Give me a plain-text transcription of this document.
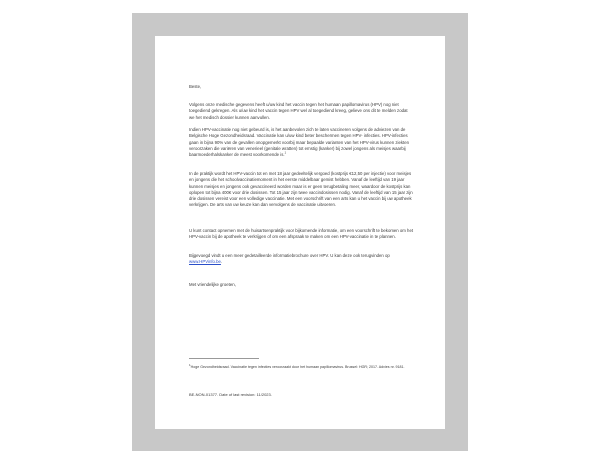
Beste,

Volgens onze medische gegevens heeft u/uw kind het vaccin tegen het humaan papillomavirus (HPV) nog niet toegediend gekregen. Als u/uw kind het vaccin tegen HPV wel al toegediend kreeg, gelieve ons dit te melden zodat we het medisch dossier kunnen aanvullen.

Indien HPV-vaccinatie nog niet gebeurd is, is het aanbevolen zich te laten vaccineren volgens de adviezen van de Belgische Hoge Gezondheidsraad. Vaccinatie kan u/uw kind beter beschermen tegen HPV- infecties. HPV-infecties gaan in bijna 90% van de gevallen onopgemerkt voorbij maar bepaalde varianten van het HPV-virus kunnen ziekten veroorzaken die variëren van venerieel (genitale wratten) tot ernstig (kanker) bij zowel jongens als meisjes waarbij baarmoederhalskanker de meest voorkomende is.$^1$

In de praktijk wordt het HPV-vaccin tot en met 18 jaar gedeeltelijk vergoed (kostprijs €12,50 per injectie) voor meisjes en jongens die het schoolvaccinatiemoment in het eerste middelbaar gemist hebben. Vanaf de leeftijd van 19 jaar kunnen meisjes en jongens ook gevaccineerd worden maar is er geen terugbetaling meer, waardoor de kostprijs kan oplopen tot bijna 400€ voor drie dosissen. Tot 15 jaar zijn twee vaccindosissen nodig. Vanaf de leeftijd van 15 jaar zijn drie dosissen vereist voor een volledige vaccinatie. Met een voorschrift van een arts kan u het vaccin bij uw apotheek verkrijgen. De arts van uw keuze kan dan vervolgens de vaccinatie uitvoeren.

U kunt contact opnemen met de huisartsenpraktijk voor bijkomende informatie, om een voorschrift te bekomen om het HPV-vaccin bij de apotheek te verkrijgen of om een afspraak te maken om een HPV-vaccinatie in te plannen.

Bijgevoegd vindt u een meer gedetailleerde informatiebrochure over HPV. U kan deze ook terugvinden op www.HPVinfo.be.

Met vriendelijke groeten,

$^1$Hoge Gezondheidsraad. Vaccinatie tegen infecties veroorzaakt door het humaan papillomavirus. Brussel: HGR; 2017. Advies nr. 9181.

BE-NON-01377. Date of last revision: 11/2023.
